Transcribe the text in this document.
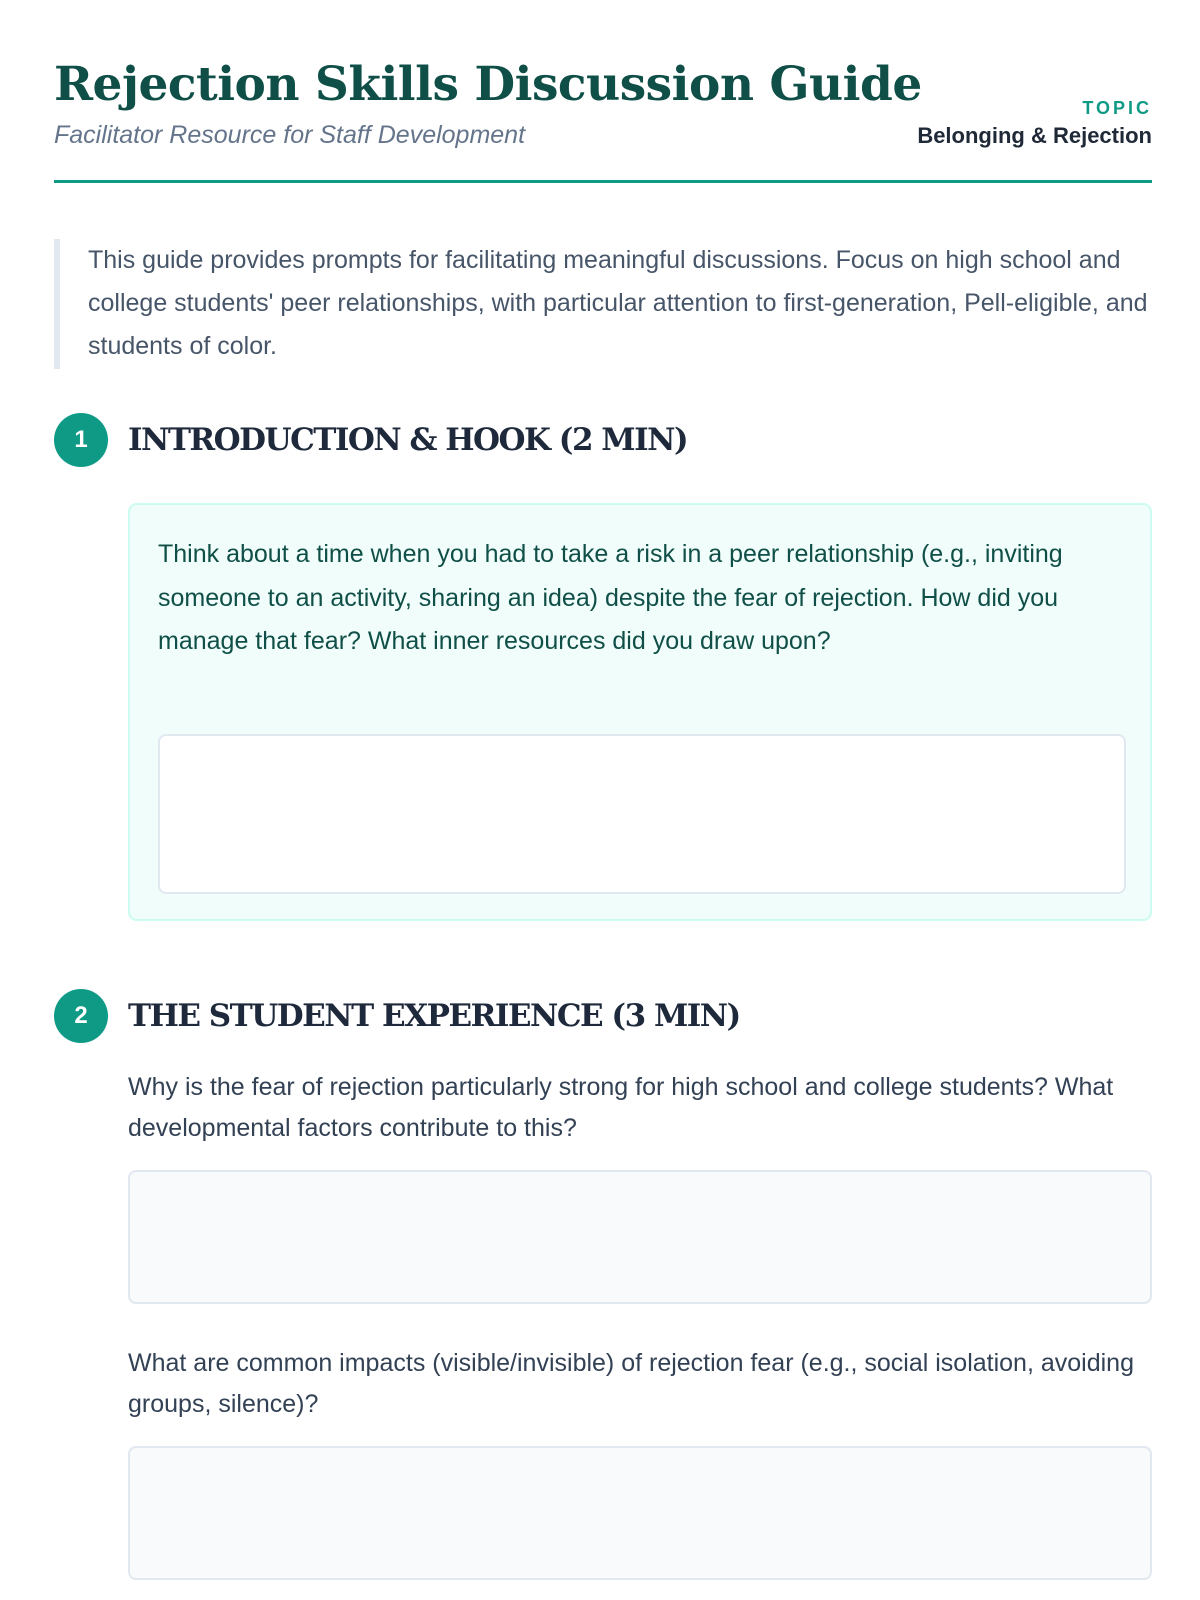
Rejection Skills Discussion Guide
Facilitator Resource for Staff Development
TOPIC
Belonging & Rejection
This guide provides prompts for facilitating meaningful discussions. Focus on high school and college students' peer relationships, with particular attention to first-generation, Pell-eligible, and students of color.
1	INTRODUCTION & HOOK (2 MIN)
Think about a time when you had to take a risk in a peer relationship (e.g., inviting someone to an activity, sharing an idea) despite the fear of rejection. How did you manage that fear? What inner resources did you draw upon?
2	THE STUDENT EXPERIENCE (3 MIN)
Why is the fear of rejection particularly strong for high school and college students? What developmental factors contribute to this?
What are common impacts (visible/invisible) of rejection fear (e.g., social isolation, avoiding groups, silence)?
